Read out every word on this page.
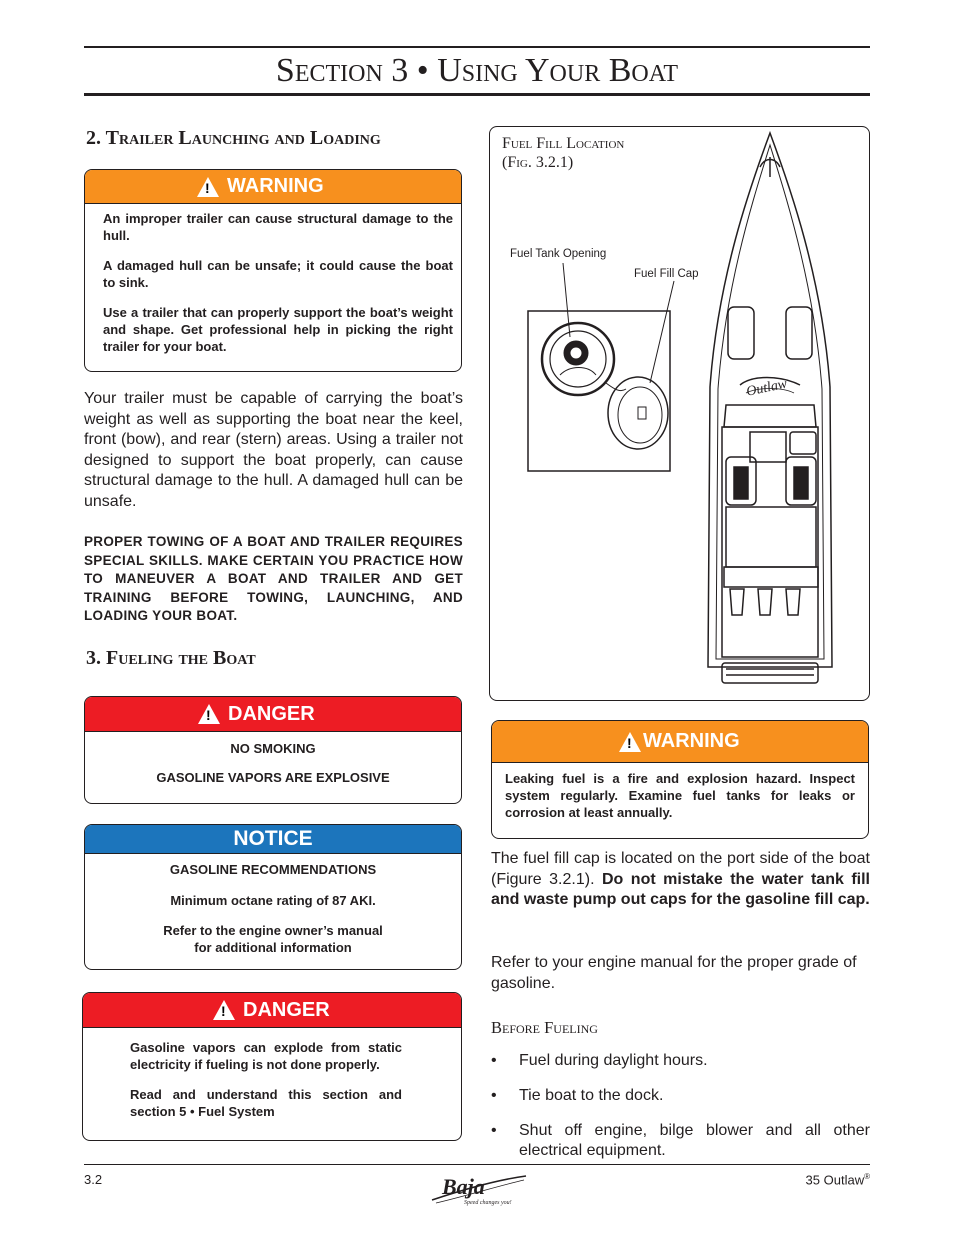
Section 3 • Using Your Boat
2. Trailer Launching and Loading
! WARNING
An improper trailer can cause structural damage to the hull.
A damaged hull can be unsafe; it could cause the boat to sink.
Use a trailer that can properly support the boat’s weight and shape. Get professional help in picking the right trailer for your boat.
Your trailer must be capable of carrying the boat’s weight as well as supporting the boat near the keel, front (bow), and rear (stern) areas. Using a trailer not designed to support the boat properly, can cause structural damage to the hull. A damaged hull can be unsafe.
PROPER TOWING OF A BOAT AND TRAILER REQUIRES SPECIAL SKILLS. MAKE CERTAIN YOU PRACTICE HOW TO MANEUVER A BOAT AND TRAILER AND GET TRAINING BEFORE TOWING, LAUNCHING, AND LOADING YOUR BOAT.
3. Fueling the Boat
! DANGER
NO SMOKING
GASOLINE VAPORS ARE EXPLOSIVE
NOTICE
GASOLINE RECOMMENDATIONS
Minimum octane rating of 87 AKI.
Refer to the engine owner’s manual
for additional information
! DANGER
Gasoline vapors can explode from static electricity if fueling is not done properly.
Read and understand this section and section 5 • Fuel System
Fuel Fill Location
(Fig. 3.2.1)
Fuel Tank Opening
Fuel Fill Cap
Outlaw
! WARNING
Leaking fuel is a fire and explosion hazard. Inspect system regularly. Examine fuel tanks for leaks or corrosion at least annually.
The fuel fill cap is located on the port side of the boat (Figure 3.2.1). Do not mistake the water tank fill and waste pump out caps for the gasoline fill cap.
Refer to your engine manual for the proper grade of gasoline.
Before Fueling
• Fuel during daylight hours.
• Tie boat to the dock.
• Shut off engine, bilge blower and all other electrical equipment.
3.2	35 Outlaw®
Baja
Speed changes you!
